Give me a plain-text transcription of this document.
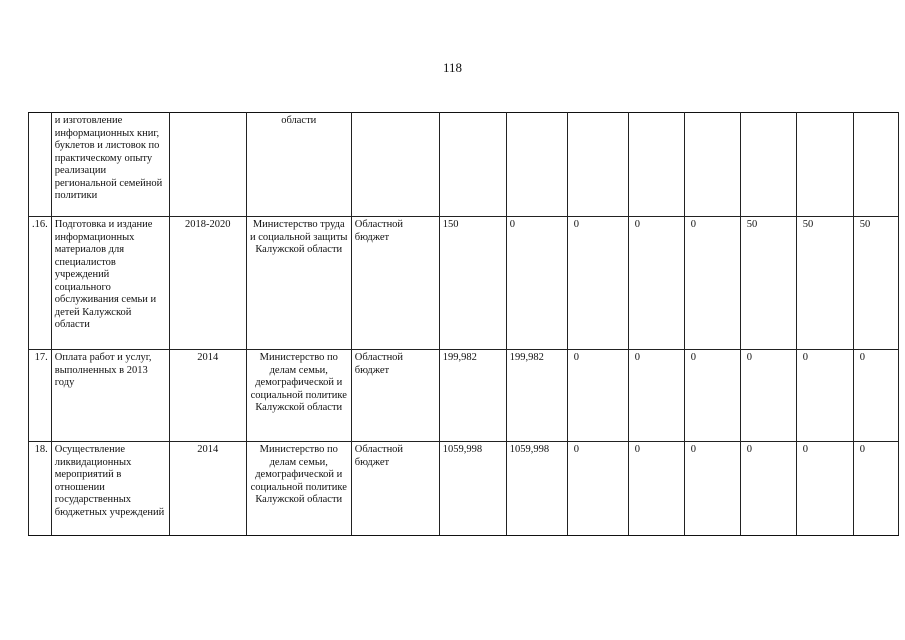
118
	и изготовление информационных книг, буклетов и листовок по практическому опыту реализации региональной семейной политики		области									
.16.	Подготовка и издание информационных материалов для специалистов учреждений социального обслуживания семьи и детей Калужской области	2018-2020	Министерство труда и социальной защиты Калужской области	Областной бюджет	150	0	0	0	0	50	50	50
17.	Оплата работ и услуг, выполненных в 2013 году	2014	Министерство по делам семьи, демографической и социальной политике Калужской области	Областной бюджет	199,982	199,982	0	0	0	0	0	0
18.	Осуществление ликвидационных мероприятий в отношении государственных бюджетных учреждений	2014	Министерство по делам семьи, демографической и социальной политике Калужской области	Областной бюджет	1059,998	1059,998	0	0	0	0	0	0
